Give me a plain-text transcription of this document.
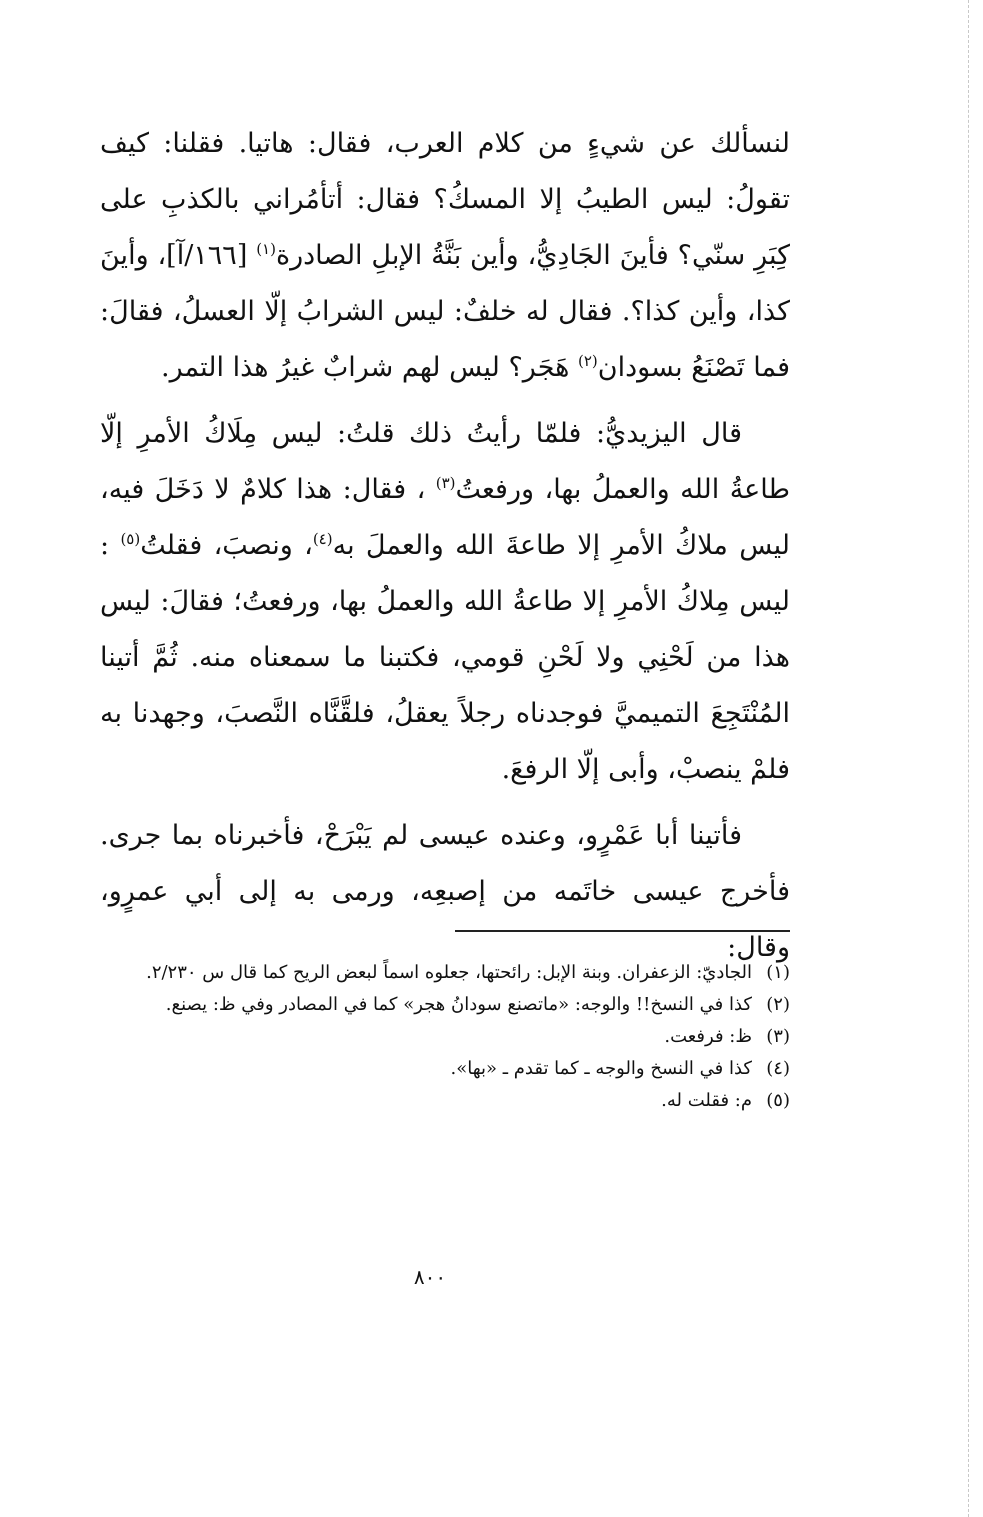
لنسألك عن شيءٍ من كلام العرب، فقال: هاتيا. فقلنا: كيف تقولُ: ليس الطيبُ إلا المسكُ؟ فقال: أتأمُراني بالكذبِ على كِبَرِ سنّي؟ فأينَ الجَادِيُّ، وأين بَنَّةُ الإبلِ الصادرة$^{(١)}$ [١٦٦/آ]، وأينَ كذا، وأين كذا؟. فقال له خلفٌ: ليس الشرابُ إلّا العسلُ، فقالَ: فما تَصْنَعُ بسودان$^{(٢)}$ هَجَر؟ ليس لهم شرابٌ غيرُ هذا التمر.

قال اليزيديُّ: فلمّا رأيتُ ذلك قلتُ: ليس مِلَاكُ الأمرِ إلّا طاعةُ الله والعملُ بها، ورفعتُ$^{(٣)}$ ، فقال: هذا كلامٌ لا دَخَلَ فيه، ليس ملاكُ الأمرِ إلا طاعةَ الله والعملَ به$^{(٤)}$، ونصبَ، فقلتُ$^{(٥)}$ : ليس مِلاكُ الأمرِ إلا طاعةُ الله والعملُ بها، ورفعتُ؛ فقالَ: ليس هذا من لَحْنِي ولا لَحْنِ قومي، فكتبنا ما سمعناه منه. ثُمَّ أتينا المُنْتَجِعَ التميميَّ فوجدناه رجلاً يعقلُ، فلقَّنَّاه النَّصبَ، وجهدنا به فلمْ ينصبْ، وأبى إلّا الرفعَ.

فأتينا أبا عَمْرٍو، وعنده عيسى لم يَبْرَحْ، فأخبرناه بما جرى. فأخرج عيسى خاتَمه من إصبعِه، ورمى به إلى أبي عمرٍو، وقال:

(١)
الجاديّ: الزعفران. وبنة الإبل: رائحتها، جعلوه اسماً لبعض الريح كما قال س ٢/٢٣٠.
(٢)
كذا في النسخ!! والوجه: «ماتصنع سودانُ هجر» كما في المصادر وفي ظ: يصنع.
(٣)
ظ: فرفعت.
(٤)
كذا في النسخ والوجه ـ كما تقدم ـ «بها».
(٥)
م: فقلت له.
٨٠٠
